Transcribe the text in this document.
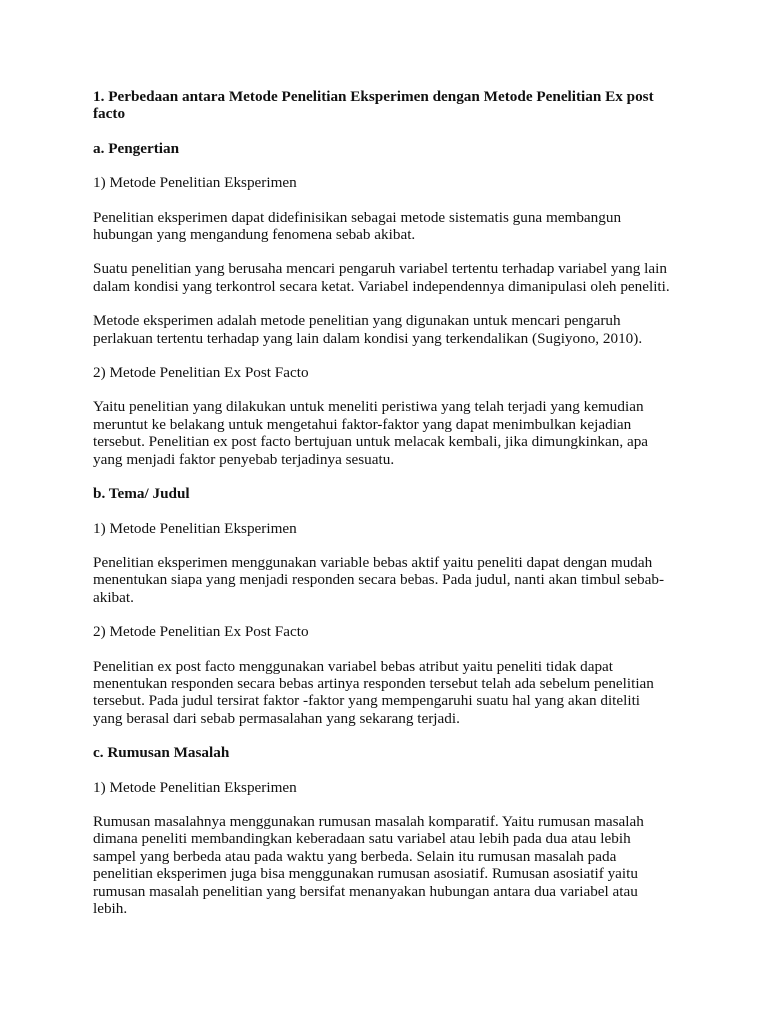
1. Perbedaan antara Metode Penelitian Eksperimen dengan Metode Penelitian Ex post facto

a. Pengertian

1) Metode Penelitian Eksperimen

Penelitian eksperimen dapat didefinisikan sebagai metode sistematis guna membangun hubungan yang mengandung fenomena sebab akibat.

Suatu penelitian yang berusaha mencari pengaruh variabel tertentu terhadap variabel yang lain dalam kondisi yang terkontrol secara ketat. Variabel independennya dimanipulasi oleh peneliti.

Metode eksperimen adalah metode penelitian yang digunakan untuk mencari pengaruh perlakuan tertentu terhadap yang lain dalam kondisi yang terkendalikan (Sugiyono, 2010).

2) Metode Penelitian Ex Post Facto

Yaitu penelitian yang dilakukan untuk meneliti peristiwa yang telah terjadi yang kemudian meruntut ke belakang untuk mengetahui faktor-faktor yang dapat menimbulkan kejadian tersebut. Penelitian ex post facto bertujuan untuk melacak kembali, jika dimungkinkan, apa yang menjadi faktor penyebab terjadinya sesuatu.

b. Tema/ Judul

1) Metode Penelitian Eksperimen

Penelitian eksperimen menggunakan variable bebas aktif yaitu peneliti dapat dengan mudah menentukan siapa yang menjadi responden secara bebas. Pada judul, nanti akan timbul sebab-akibat.

2) Metode Penelitian Ex Post Facto

Penelitian ex post facto menggunakan variabel bebas atribut yaitu peneliti tidak dapat menentukan responden secara bebas artinya responden tersebut telah ada sebelum penelitian tersebut. Pada judul tersirat faktor -faktor yang mempengaruhi suatu hal yang akan diteliti yang berasal dari sebab permasalahan yang sekarang terjadi.

c. Rumusan Masalah

1) Metode Penelitian Eksperimen

Rumusan masalahnya menggunakan rumusan masalah komparatif. Yaitu rumusan masalah dimana peneliti membandingkan keberadaan satu variabel atau lebih pada dua atau lebih sampel yang berbeda atau pada waktu yang berbeda. Selain itu rumusan masalah pada penelitian eksperimen juga bisa menggunakan rumusan asosiatif. Rumusan asosiatif yaitu rumusan masalah penelitian yang bersifat menanyakan hubungan antara dua variabel atau lebih.
